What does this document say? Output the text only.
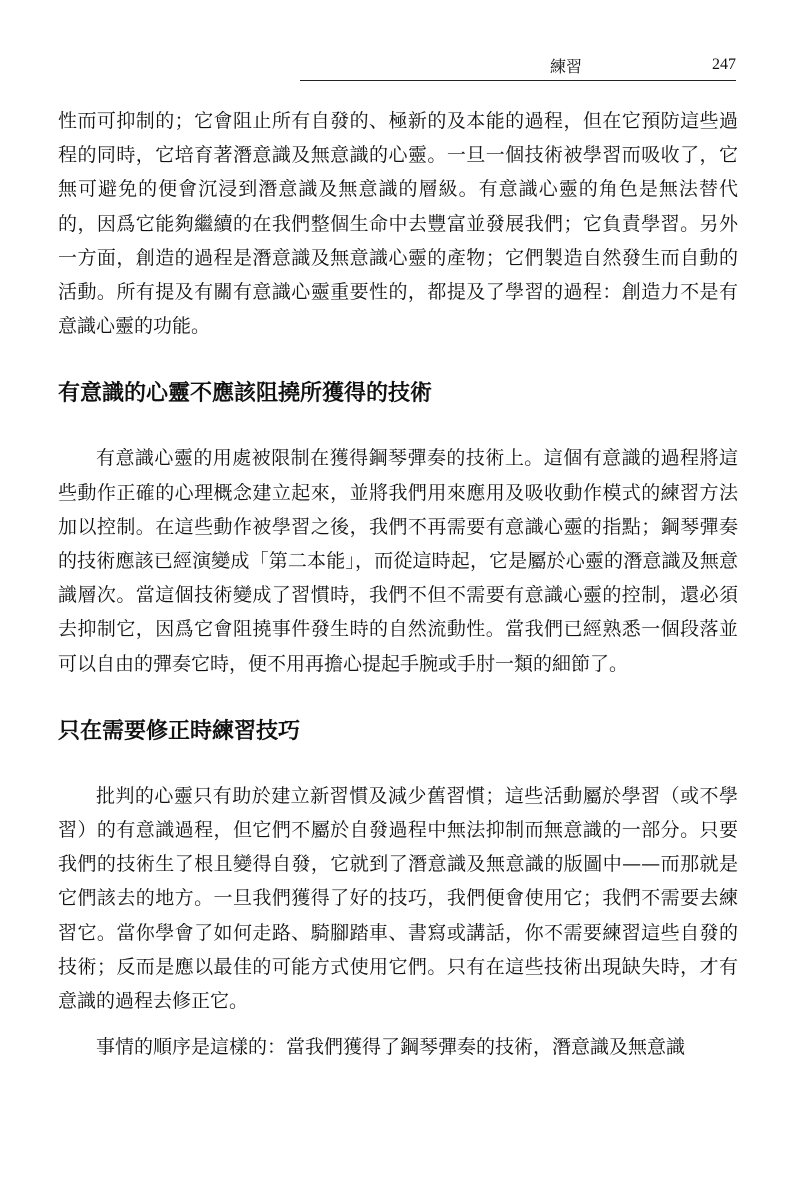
練習	247

性而可抑制的；它會阻止所有自發的、極新的及本能的過程，但在它預防這些過程的同時，它培育著潛意識及無意識的心靈。一旦一個技術被學習而吸收了，它無可避免的便會沉浸到潛意識及無意識的層級。有意識心靈的角色是無法替代的，因爲它能夠繼續的在我們整個生命中去豐富並發展我們；它負責學習。另外一方面，創造的過程是潛意識及無意識心靈的產物；它們製造自然發生而自動的活動。所有提及有關有意識心靈重要性的，都提及了學習的過程：創造力不是有意識心靈的功能。

有意識的心靈不應該阻撓所獲得的技術

有意識心靈的用處被限制在獲得鋼琴彈奏的技術上。這個有意識的過程將這些動作正確的心理概念建立起來，並將我們用來應用及吸收動作模式的練習方法加以控制。在這些動作被學習之後，我們不再需要有意識心靈的指點；鋼琴彈奏的技術應該已經演變成「第二本能」，而從這時起，它是屬於心靈的潛意識及無意識層次。當這個技術變成了習慣時，我們不但不需要有意識心靈的控制，還必須去抑制它，因爲它會阻撓事件發生時的自然流動性。當我們已經熟悉一個段落並可以自由的彈奏它時，便不用再擔心提起手腕或手肘一類的細節了。

只在需要修正時練習技巧

批判的心靈只有助於建立新習慣及減少舊習慣；這些活動屬於學習（或不學習）的有意識過程，但它們不屬於自發過程中無法抑制而無意識的一部分。只要我們的技術生了根且變得自發，它就到了潛意識及無意識的版圖中——而那就是它們該去的地方。一旦我們獲得了好的技巧，我們便會使用它；我們不需要去練習它。當你學會了如何走路、騎腳踏車、書寫或講話，你不需要練習這些自發的技術；反而是應以最佳的可能方式使用它們。只有在這些技術出現缺失時，才有意識的過程去修正它。

事情的順序是這樣的：當我們獲得了鋼琴彈奏的技術，潛意識及無意識
